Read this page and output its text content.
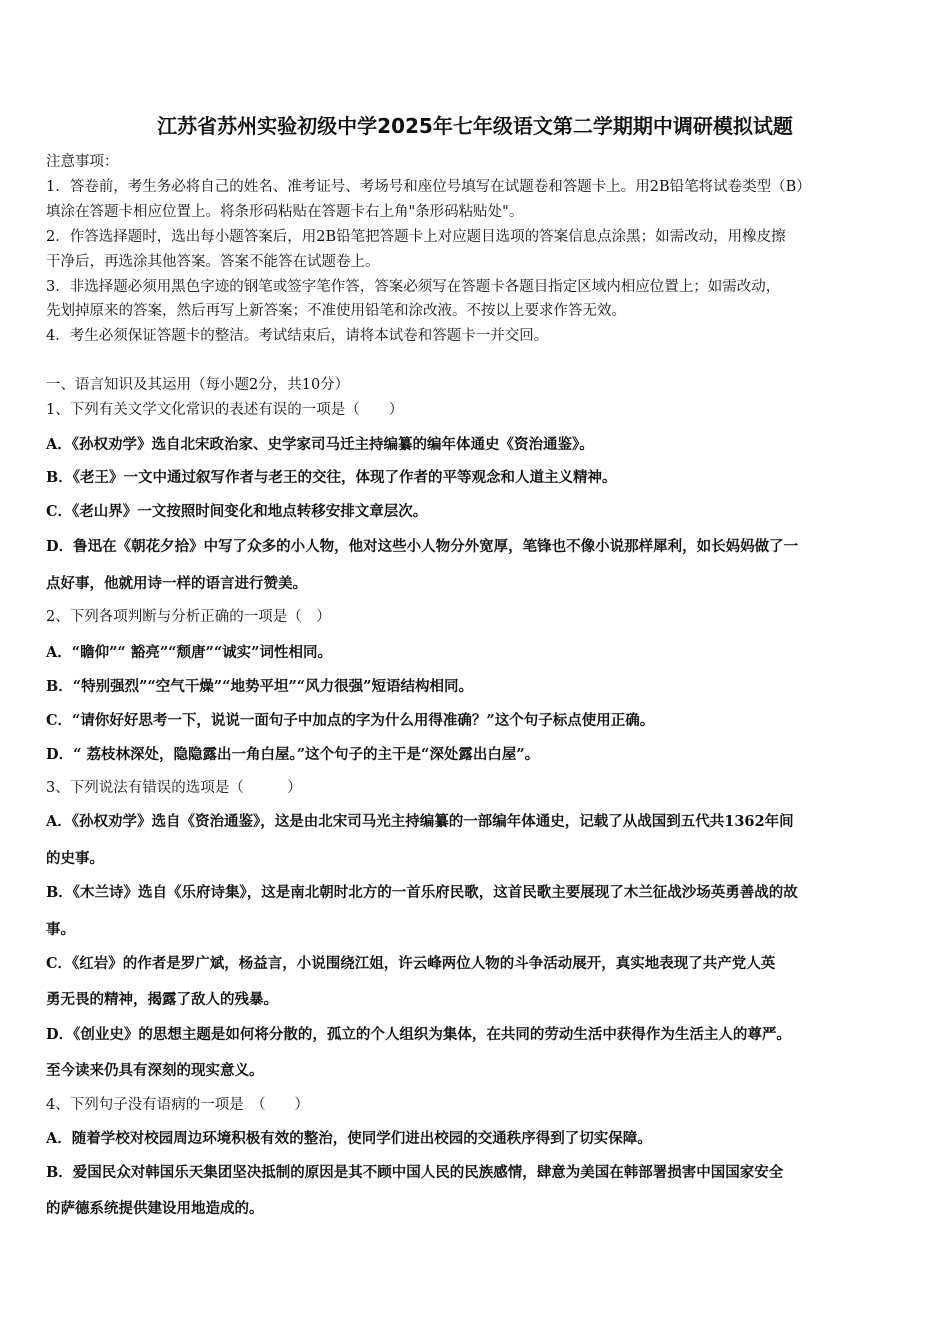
江苏省苏州实验初级中学2025年七年级语文第二学期期中调研模拟试题
注意事项：
1．答卷前，考生务必将自己的姓名、准考证号、考场号和座位号填写在试题卷和答题卡上。用2B铅笔将试卷类型（B）
填涂在答题卡相应位置上。将条形码粘贴在答题卡右上角"条形码粘贴处"。
2．作答选择题时，选出每小题答案后，用2B铅笔把答题卡上对应题目选项的答案信息点涂黑；如需改动，用橡皮擦
干净后，再选涂其他答案。答案不能答在试题卷上。
3．非选择题必须用黑色字迹的钢笔或签字笔作答，答案必须写在答题卡各题目指定区域内相应位置上；如需改动，
先划掉原来的答案，然后再写上新答案；不准使用铅笔和涂改液。不按以上要求作答无效。
4．考生必须保证答题卡的整洁。考试结束后，请将本试卷和答题卡一并交回。
一、语言知识及其运用（每小题2分，共10分）
1、下列有关文学文化常识的表述有误的一项是（　　）
A．《孙权劝学》选自北宋政治家、史学家司马迁主持编纂的编年体通史《资治通鉴》。
B．《老王》一文中通过叙写作者与老王的交往，体现了作者的平等观念和人道主义精神。
C．《老山界》一文按照时间变化和地点转移安排文章层次。
D．鲁迅在《朝花夕拾》中写了众多的小人物，他对这些小人物分外宽厚，笔锋也不像小说那样犀利，如长妈妈做了一
点好事，他就用诗一样的语言进行赞美。
2、下列各项判断与分析正确的一项是（　）
A．“瞻仰”“ 豁亮”“颓唐”“诚实”词性相同。
B．“特别强烈”“空气干燥”“地势平坦”“风力很强”短语结构相同。
C．“请你好好思考一下，说说一面句子中加点的字为什么用得准确？”这个句子标点使用正确。
D．“ 荔枝林深处，隐隐露出一角白屋。”这个句子的主干是“深处露出白屋”。
3、下列说法有错误的选项是（　　　）
A．《孙权劝学》选自《资治通鉴》，这是由北宋司马光主持编纂的一部编年体通史，记载了从战国到五代共1362年间
的史事。
B．《木兰诗》选自《乐府诗集》，这是南北朝时北方的一首乐府民歌，这首民歌主要展现了木兰征战沙场英勇善战的故
事。
C．《红岩》的作者是罗广斌，杨益言，小说围绕江姐，许云峰两位人物的斗争活动展开，真实地表现了共产党人英
勇无畏的精神，揭露了敌人的残暴。
D．《创业史》的思想主题是如何将分散的，孤立的个人组织为集体，在共同的劳动生活中获得作为生活主人的尊严。
至今读来仍具有深刻的现实意义。
4、下列句子没有语病的一项是　（　　）
A．随着学校对校园周边环境积极有效的整治，使同学们进出校园的交通秩序得到了切实保障。
B．爱国民众对韩国乐天集团坚决抵制的原因是其不顾中国人民的民族感情，肆意为美国在韩部署损害中国国家安全
的萨德系统提供建设用地造成的。
